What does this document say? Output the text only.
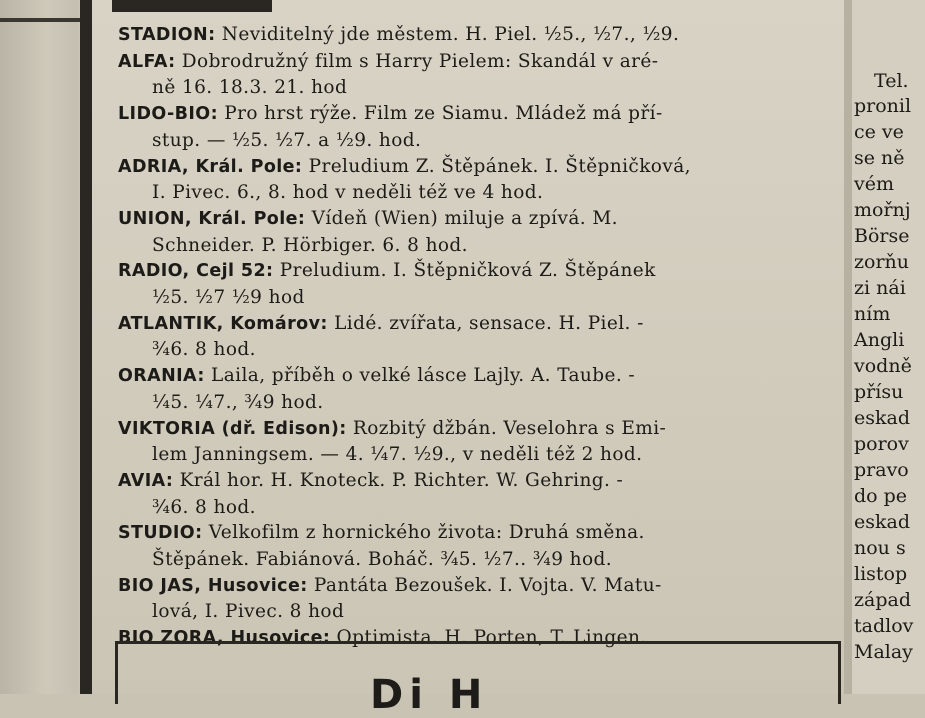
STADION: Neviditelný jde městem. H. Piel. ½5., ½7., ½9.
ALFA: Dobrodružný film s Harry Pielem: Skandál v aré-
ně 16. 18.3. 21. hod
LIDO-BIO: Pro hrst rýže. Film ze Siamu. Mládež má pří-
stup. — ½5. ½7. a ½9. hod.
ADRIA, Král. Pole: Preludium Z. Štěpánek. I. Štěpničková,
I. Pivec. 6., 8. hod v neděli též ve 4 hod.
UNION, Král. Pole: Vídeň (Wien) miluje a zpívá. M.
Schneider. P. Hörbiger. 6. 8 hod.
RADIO, Cejl 52: Preludium. I. Štěpničková Z. Štěpánek
½5. ½7 ½9 hod
ATLANTIK, Komárov: Lidé. zvířata, sensace. H. Piel. -
¾6. 8 hod.
ORANIA: Laila, příběh o velké lásce Lajly. A. Taube. -
¼5. ¼7., ¾9 hod.
VIKTORIA (dř. Edison): Rozbitý džbán. Veselohra s Emi-
lem Janningsem. — 4. ¼7. ½9., v neděli též 2 hod.
AVIA: Král hor. H. Knoteck. P. Richter. W. Gehring. -
¾6. 8 hod.
STUDIO: Velkofilm z hornického života: Druhá směna.
Štěpánek. Fabiánová. Boháč. ¾5. ½7.. ¾9 hod.
BIO JAS, Husovice: Pantáta Bezoušek. I. Vojta. V. Matu-
lová, I. Pivec. 8 hod
BIO ZORA, Husovice: Optimista. H. Porten, T. Lingen.
Di H
Tel.
pronil
ce ve
se ně
vém
mořnj
Börse
zorňu
zi nái
ním
Angli
vodně
přísu
eskad
porov
pravo
do pe
eskad
nou s
listop
západ
tadlov
Malay
